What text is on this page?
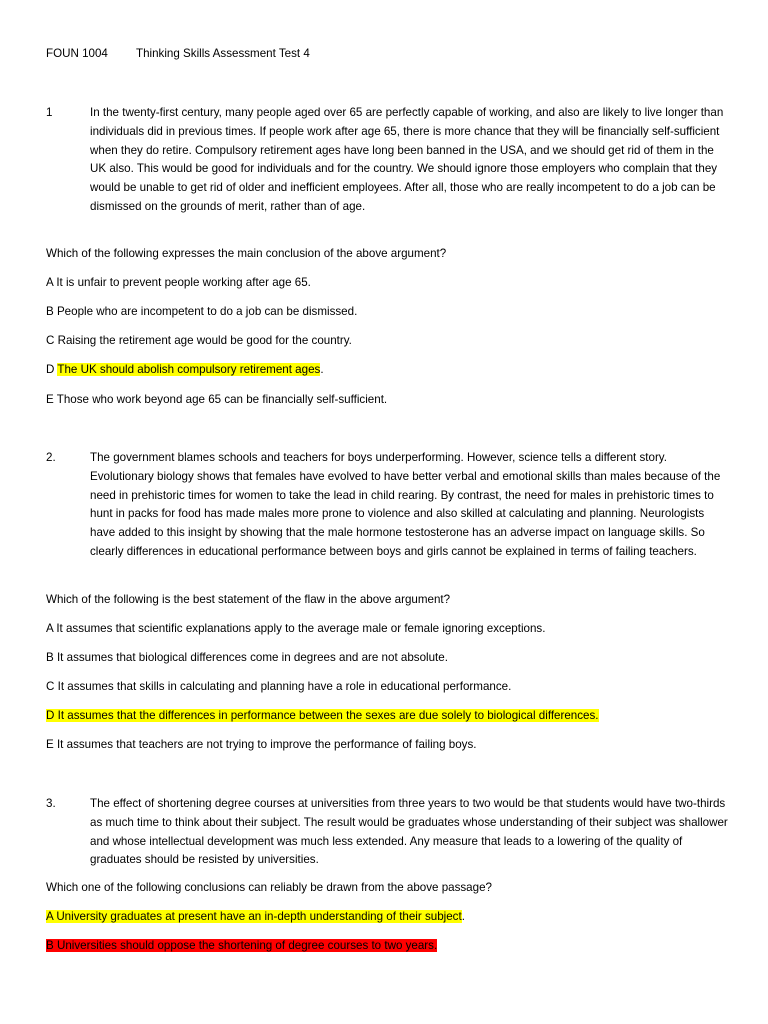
FOUN 1004 Thinking Skills Assessment Test 4
1	In the twenty-first century, many people aged over 65 are perfectly capable of working, and also are likely to live longer than individuals did in previous times. If people work after age 65, there is more chance that they will be financially self-sufficient when they do retire. Compulsory retirement ages have long been banned in the USA, and we should get rid of them in the UK also. This would be good for individuals and for the country. We should ignore those employers who complain that they would be unable to get rid of older and inefficient employees. After all, those who are really incompetent to do a job can be dismissed on the grounds of merit, rather than of age.
Which of the following expresses the main conclusion of the above argument?
A It is unfair to prevent people working after age 65.
B People who are incompetent to do a job can be dismissed.
C Raising the retirement age would be good for the country.
D The UK should abolish compulsory retirement ages.
E Those who work beyond age 65 can be financially self-sufficient.
2.	The government blames schools and teachers for boys underperforming. However, science tells a different story. Evolutionary biology shows that females have evolved to have better verbal and emotional skills than males because of the need in prehistoric times for women to take the lead in child rearing. By contrast, the need for males in prehistoric times to hunt in packs for food has made males more prone to violence and also skilled at calculating and planning. Neurologists have added to this insight by showing that the male hormone testosterone has an adverse impact on language skills. So clearly differences in educational performance between boys and girls cannot be explained in terms of failing teachers.
Which of the following is the best statement of the flaw in the above argument?
A It assumes that scientific explanations apply to the average male or female ignoring exceptions.
B It assumes that biological differences come in degrees and are not absolute.
C It assumes that skills in calculating and planning have a role in educational performance.
D It assumes that the differences in performance between the sexes are due solely to biological differences.
E It assumes that teachers are not trying to improve the performance of failing boys.
3.	The effect of shortening degree courses at universities from three years to two would be that students would have two-thirds as much time to think about their subject. The result would be graduates whose understanding of their subject was shallower and whose intellectual development was much less extended. Any measure that leads to a lowering of the quality of graduates should be resisted by universities.
Which one of the following conclusions can reliably be drawn from the above passage?
A University graduates at present have an in-depth understanding of their subject.
B Universities should oppose the shortening of degree courses to two years.
